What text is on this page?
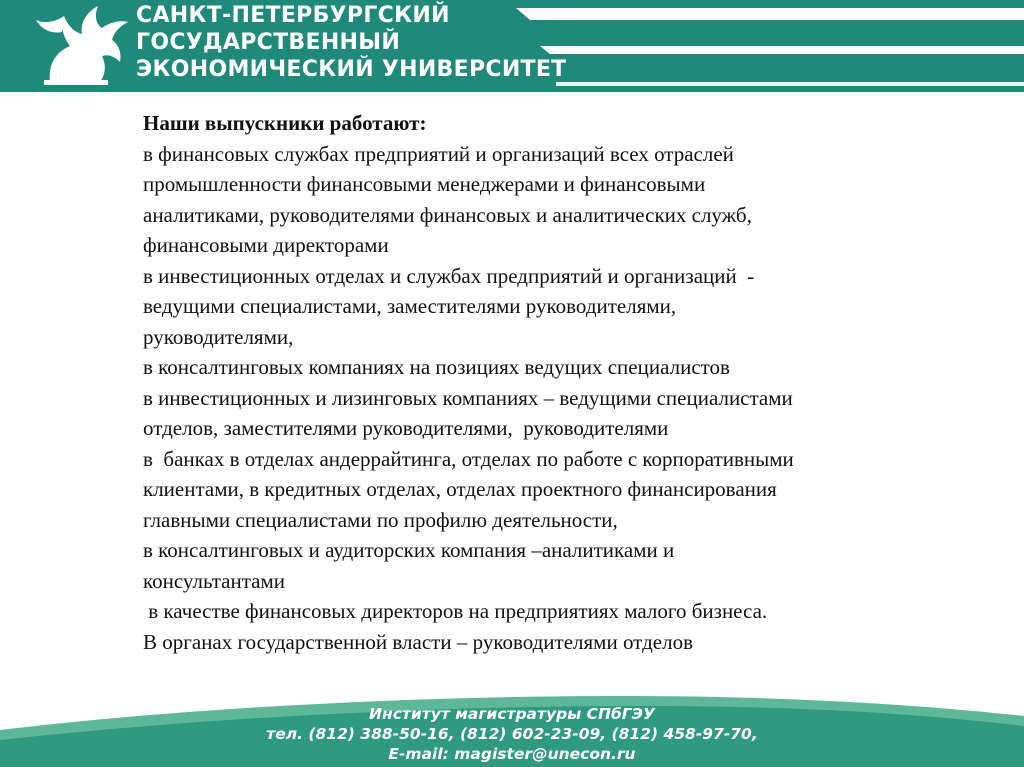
САНКТ-ПЕТЕРБУРГСКИЙ
ГОСУДАРСТВЕННЫЙ
ЭКОНОМИЧЕСКИЙ УНИВЕРСИТЕТ
Наши выпускники работают:
в финансовых службах предприятий и организаций всех отраслей
промышленности финансовыми менеджерами и финансовыми
аналитиками, руководителями финансовых и аналитических служб,
финансовыми директорами
в инвестиционных отделах и службах предприятий и организаций  -
ведущими специалистами, заместителями руководителями,
руководителями,
в консалтинговых компаниях на позициях ведущих специалистов
в инвестиционных и лизинговых компаниях – ведущими специалистами
отделов, заместителями руководителями,  руководителями
в  банках в отделах андеррайтинга, отделах по работе с корпоративными
клиентами, в кредитных отделах, отделах проектного финансирования
главными специалистами по профилю деятельности,
в консалтинговых и аудиторских компания –аналитиками и
консультантами
в качестве финансовых директоров на предприятиях малого бизнеса.
В органах государственной власти – руководителями отделов
Институт магистратуры СПбГЭУ
тел. (812) 388-50-16, (812) 602-23-09, (812) 458-97-70,
E-mail: magister@unecon.ru
